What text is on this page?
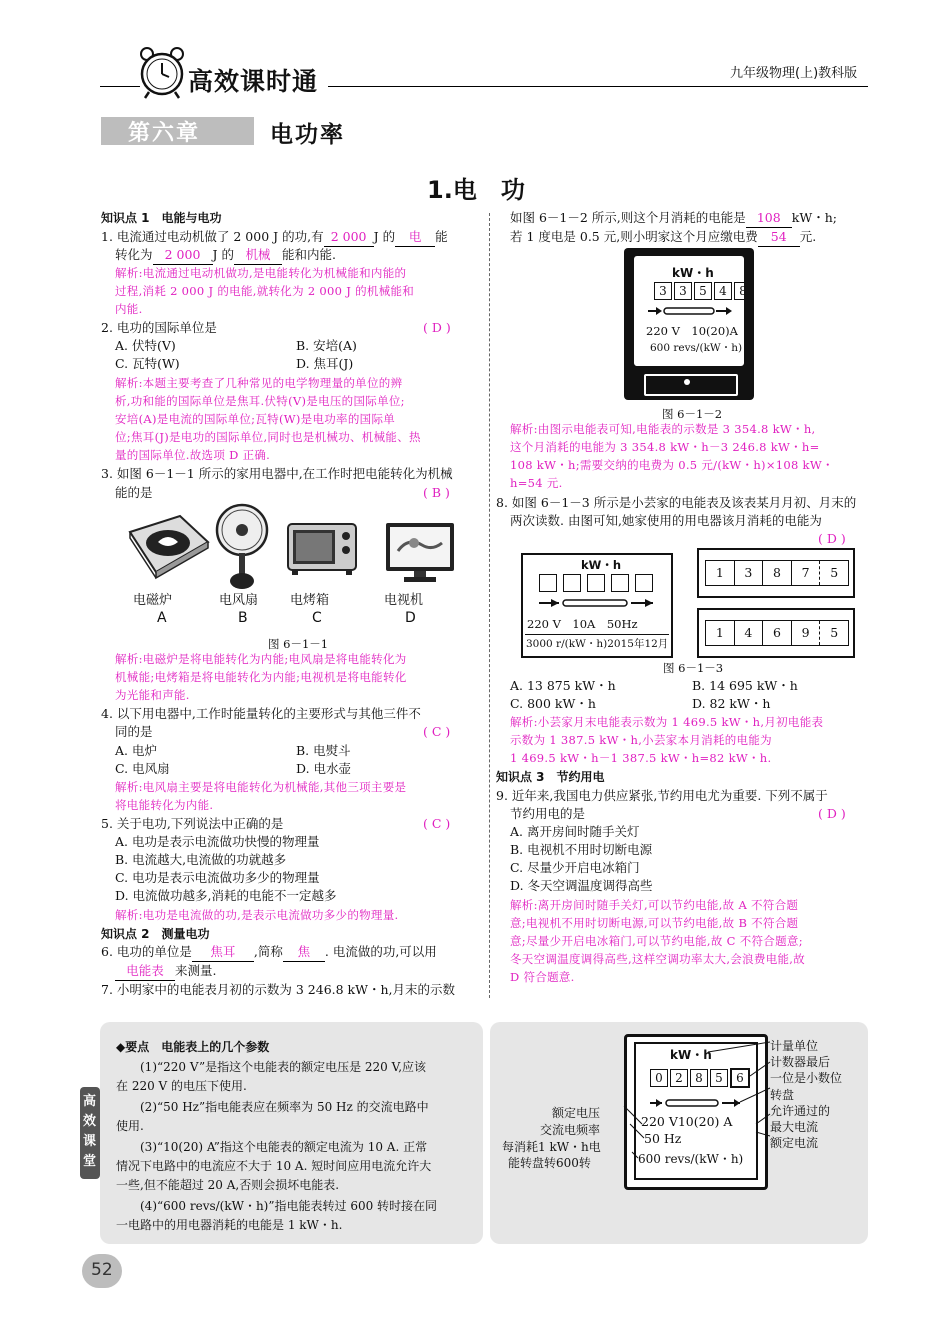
高效课时通	九年级物理(上)教科版
第六章	电功率
1.电　功
知识点 1　电能与电功
1. 电流通过电动机做了 2 000 J 的功,有 2 000 J 的 电 能
转化为 2 000 J 的 机械 能和内能.
解析:电流通过电动机做功,是电能转化为机械能和内能的
过程,消耗 2 000 J 的电能,就转化为 2 000 J 的机械能和
内能.
2. 电功的国际单位是	( D )
A. 伏特(V)	B. 安培(A)
C. 瓦特(W)	D. 焦耳(J)
解析:本题主要考查了几种常见的电学物理量的单位的辨
析,功和能的国际单位是焦耳.伏特(V)是电压的国际单位;
安培(A)是电流的国际单位;瓦特(W)是电功率的国际单
位;焦耳(J)是电功的国际单位,同时也是机械功、机械能、热
量的国际单位.故选项 D 正确.
3. 如图 6－1－1 所示的家用电器中,在工作时把电能转化为机械
能的是	( B )
电磁炉
A
电风扇
B
电烤箱
C
电视机
D
图 6－1－1
解析:电磁炉是将电能转化为内能;电风扇是将电能转化为
机械能;电烤箱是将电能转化为内能;电视机是将电能转化
为光能和声能.
4. 以下用电器中,工作时能量转化的主要形式与其他三件不
同的是	( C )
A. 电炉	B. 电熨斗
C. 电风扇	D. 电水壶
解析:电风扇主要是将电能转化为机械能,其他三项主要是
将电能转化为内能.
5. 关于电功,下列说法中正确的是	( C )
A. 电功是表示电流做功快慢的物理量
B. 电流越大,电流做的功就越多
C. 电功是表示电流做功多少的物理量
D. 电流做功越多,消耗的电能不一定越多
解析:电功是电流做的功,是表示电流做功多少的物理量.
知识点 2　测量电功
6. 电功的单位是 焦耳 ,简称 焦 . 电流做的功,可以用
电能表 来测量.
7. 小明家中的电能表月初的示数为 3 246.8 kW・h,月末的示数
如图 6－1－2 所示,则这个月消耗的电能是 108 kW・h;
若 1 度电是 0.5 元,则小明家这个月应缴电费 54 元.
kW・h
3 3 5 4 8
220 V　10(20)A
600 revs/(kW・h)
图 6－1－2
解析:由图示电能表可知,电能表的示数是 3 354.8 kW・h,
这个月消耗的电能为 3 354.8 kW・h－3 246.8 kW・h=
108 kW・h;需要交纳的电费为 0.5 元/(kW・h)×108 kW・
h=54 元.
8. 如图 6－1－3 所示是小芸家的电能表及该表某月月初、月末的
两次读数. 由图可知,她家使用的用电器该月消耗的电能为
( D )
kW・h

220 V　10A　50Hz
3000 r/(kW・h)2015年12月
1	3	8	7	5
1	4	6	9	5
图 6－1－3
A. 13 875 kW・h	B. 14 695 kW・h
C. 800 kW・h	D. 82 kW・h
解析:小芸家月末电能表示数为 1 469.5 kW・h,月初电能表
示数为 1 387.5 kW・h,小芸家本月消耗的电能为
1 469.5 kW・h－1 387.5 kW・h=82 kW・h.
知识点 3　节约用电
9. 近年来,我国电力供应紧张,节约用电尤为重要. 下列不属于
节约用电的是	( D )
A. 离开房间时随手关灯
B. 电视机不用时切断电源
C. 尽量少开启电冰箱门
D. 冬天空调温度调得高些
解析:离开房间时随手关灯,可以节约电能,故 A 不符合题
意;电视机不用时切断电源,可以节约电能,故 B 不符合题
意;尽量少开启电冰箱门,可以节约电能,故 C 不符合题意;
冬天空调温度调得高些,这样空调功率太大,会浪费电能,故
D 符合题意.
高效课堂
◆要点　电能表上的几个参数
(1)“220 V”是指这个电能表的额定电压是 220 V,应该
在 220 V 的电压下使用.
(2)“50 Hz”指电能表应在频率为 50 Hz 的交流电路中
使用.
(3)“10(20) A”指这个电能表的额定电流为 10 A. 正常
情况下电路中的电流应不大于 10 A. 短时间应用电流允许大
一些,但不能超过 20 A,否则会损坏电能表.
(4)“600 revs/(kW・h)”指电能表转过 600 转时接在同
一电路中的用电器消耗的电能是 1 kW・h.
kW・h
0 2 8 5 6
220 V10(20) A
50 Hz
600 revs/(kW・h)
计量单位
计数器最后
一位是小数位
转盘
允许通过的
最大电流
额定电流
额定电压
交流电频率
每消耗1 kW・h电
能转盘转600转
52
